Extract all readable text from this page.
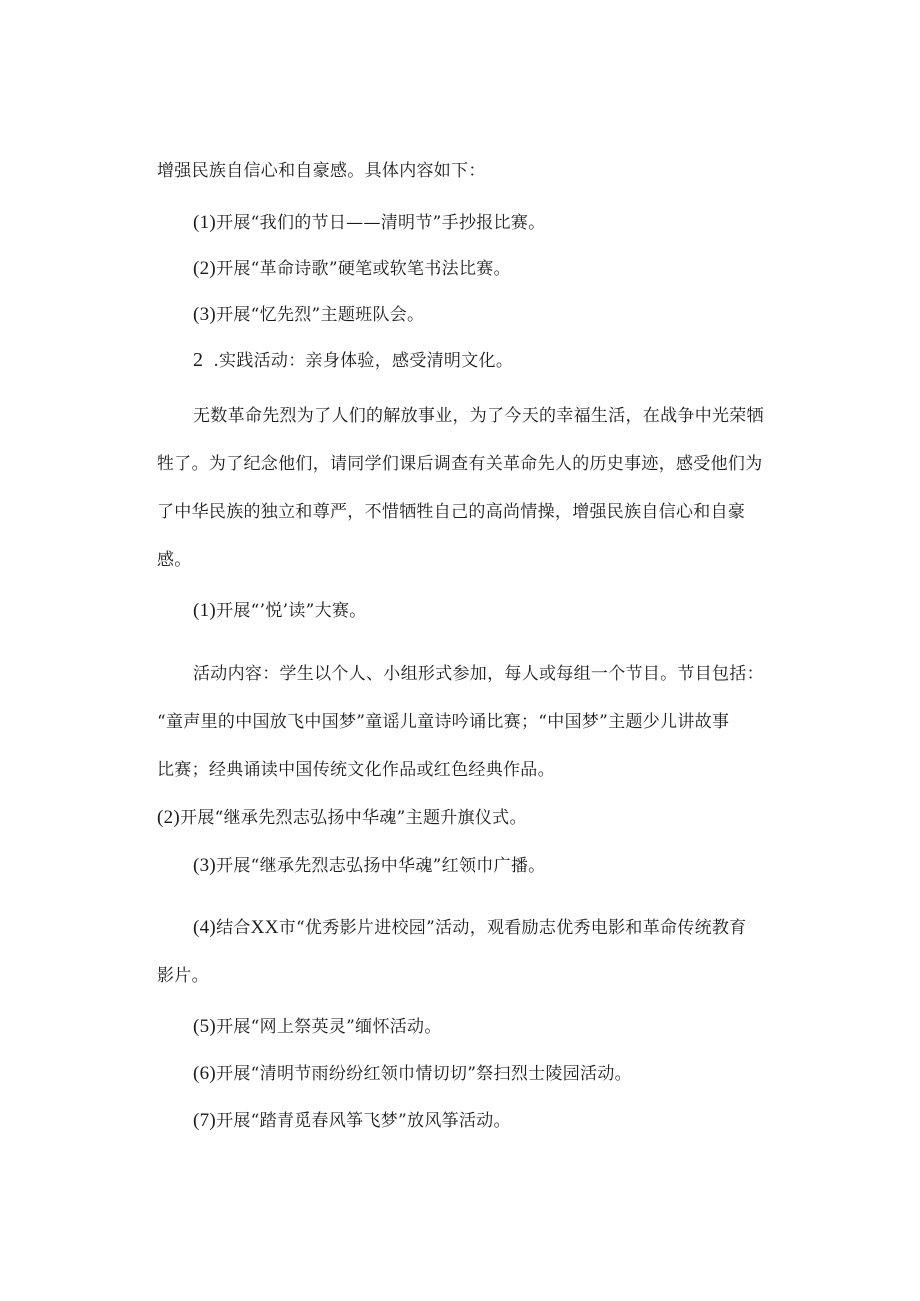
增强民族自信心和自豪感。具体内容如下：
(1)开展“我们的节日——清明节”手抄报比赛。
(2)开展“革命诗歌”硬笔或软笔书法比赛。
(3)开展“忆先烈”主题班队会。
2 .实践活动：亲身体验，感受清明文化。
无数革命先烈为了人们的解放事业，为了今天的幸福生活，在战争中光荣牺
牲了。为了纪念他们，请同学们课后调查有关革命先人的历史事迹，感受他们为
了中华民族的独立和尊严，不惜牺牲自己的高尚情操，增强民族自信心和自豪
感。
(1)开展“’悦’读”大赛。
活动内容：学生以个人、小组形式参加，每人或每组一个节目。节目包括：
“童声里的中国放飞中国梦”童谣儿童诗吟诵比赛；“中国梦”主题少儿讲故事
比赛；经典诵读中国传统文化作品或红色经典作品。
(2)开展“继承先烈志弘扬中华魂”主题升旗仪式。
(3)开展“继承先烈志弘扬中华魂”红领巾广播。
(4)结合XX市“优秀影片进校园”活动，观看励志优秀电影和革命传统教育
影片。
(5)开展“网上祭英灵”缅怀活动。
(6)开展“清明节雨纷纷红领巾情切切”祭扫烈士陵园活动。
(7)开展“踏青觅春风筝飞梦”放风筝活动。
